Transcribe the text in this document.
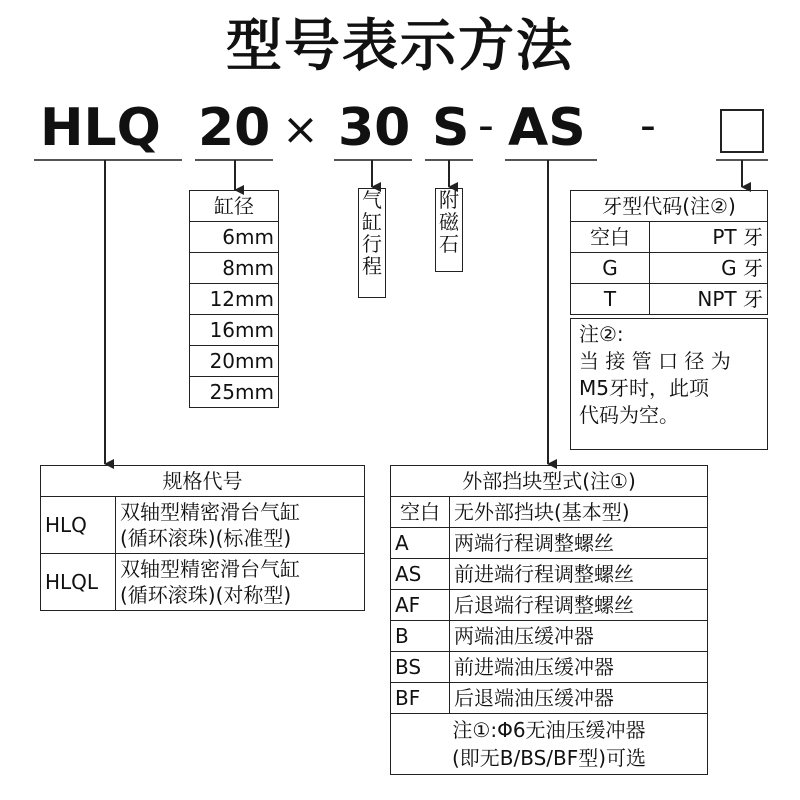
型号表示方法
HLQ 20 × 30 S - AS -
缸径
6mm
8mm
12mm
16mm
20mm
25mm
气
缸
行
程
附
磁
石
牙型代码(注②)	
空白	PT 牙
G	G 牙
T	NPT 牙
注②:
当 接 管 口 径 为
M5牙时，此项
代码为空。
规格代号	
HLQ	双轴型精密滑台气缸
(循环滚珠)(标准型)

HLQL	双轴型精密滑台气缸
(循环滚珠)(对称型)
外部挡块型式(注①)	
空白	无外部挡块(基本型)
A	两端行程调整螺丝
AS	前进端行程调整螺丝
AF	后退端行程调整螺丝
B	两端油压缓冲器
BS	前进端油压缓冲器
BF	后退端油压缓冲器

注①:Φ6无油压缓冲器
(即无B/BS/BF型)可选	
